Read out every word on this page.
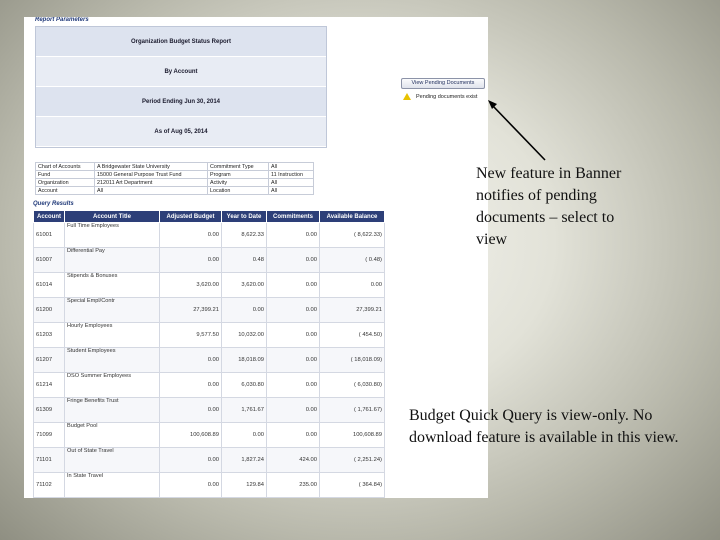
Report Parameters
Organization Budget Status Report
By Account
Period Ending Jun 30, 2014
As of Aug 05, 2014
Chart of Accounts	A Bridgewater State University	Commitment Type	All
Fund	15000 General Purpose Trust Fund	Program	11 Instruction
Organization	212011 Art Department	Activity	All
Account	All	Location	All
View Pending Documents
Pending documents exist
Query Results
Account	Account Title	Adjusted Budget	Year to Date	Commitments	Available Balance
61001	Full Time Employees	0.00	8,622.33	0.00	( 8,622.33)
61007	Differential Pay	0.00	0.48	0.00	( 0.48)
61014	Stipends & Bonuses	3,620.00	3,620.00	0.00	0.00
61200	Special Empl/Contr	27,399.21	0.00	0.00	27,399.21
61203	Hourly Employees	9,577.50	10,032.00	0.00	( 454.50)
61207	Student Employees	0.00	18,018.09	0.00	( 18,018.09)
61214	DSO Summer Employees	0.00	6,030.80	0.00	( 6,030.80)
61309	Fringe Benefits Trust	0.00	1,761.67	0.00	( 1,761.67)
71099	Budget Pool	100,608.89	0.00	0.00	100,608.89
71101	Out of State Travel	0.00	1,827.24	424.00	( 2,251.24)
71102	In State Travel	0.00	129.84	235.00	( 364.84)
New feature in Banner notifies of pending documents – select to view
Budget Quick Query is view-only. No download feature is available in this view.
